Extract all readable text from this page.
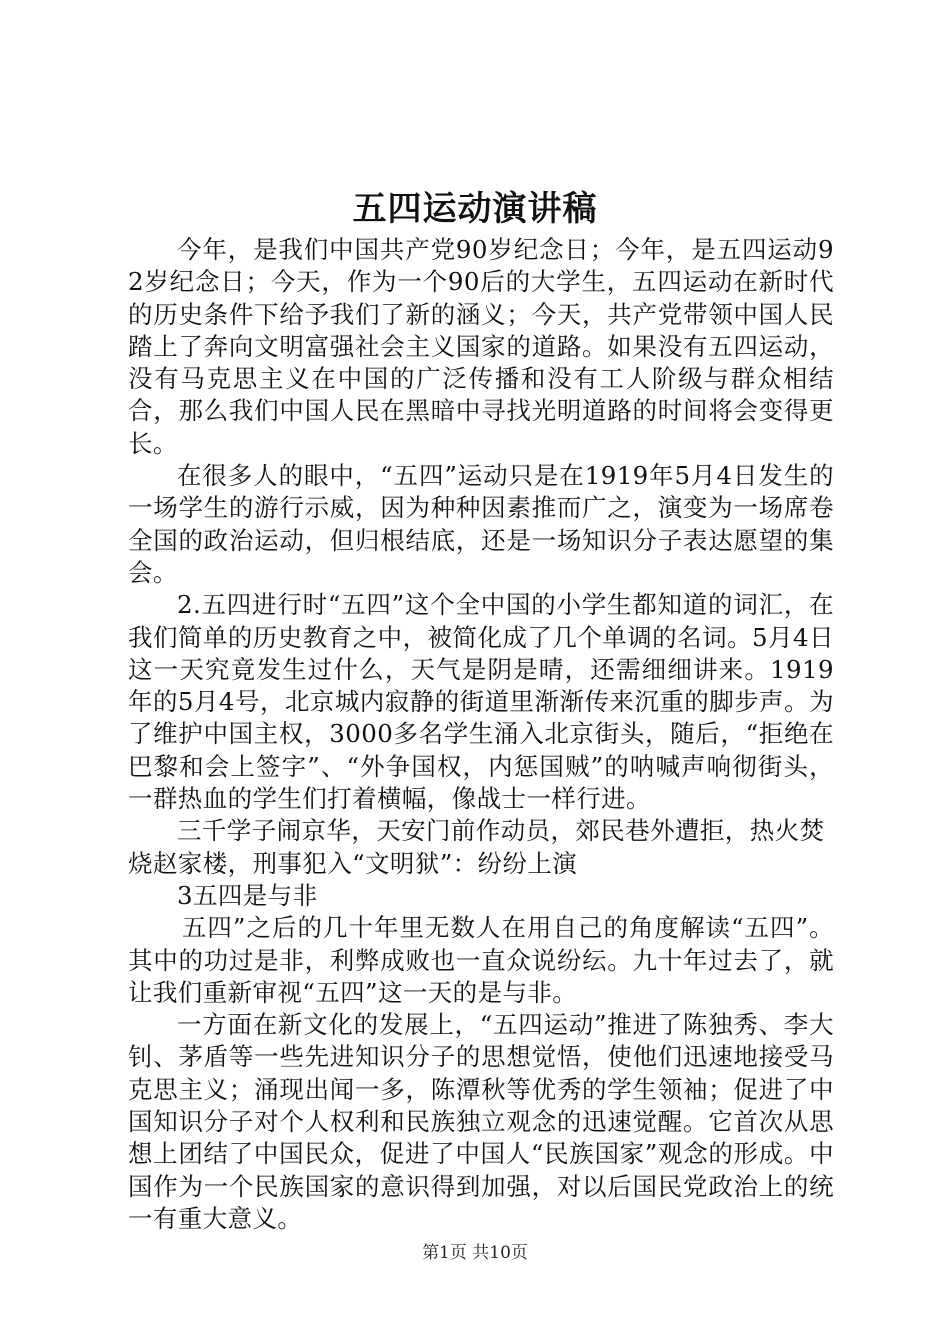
五四运动演讲稿

今年，是我们中国共产党90岁纪念日；今年，是五四运动92岁纪念日；今天，作为一个90后的大学生，五四运动在新时代的历史条件下给予我们了新的涵义；今天，共产党带领中国人民踏上了奔向文明富强社会主义国家的道路。如果没有五四运动，没有马克思主义在中国的广泛传播和没有工人阶级与群众相结合，那么我们中国人民在黑暗中寻找光明道路的时间将会变得更长。

在很多人的眼中，“五四”运动只是在1919年5月4日发生的一场学生的游行示威，因为种种因素推而广之，演变为一场席卷全国的政治运动，但归根结底，还是一场知识分子表达愿望的集会。

2.五四进行时“五四”这个全中国的小学生都知道的词汇，在我们简单的历史教育之中，被简化成了几个单调的名词。5月4日这一天究竟发生过什么，天气是阴是晴，还需细细讲来。1919年的5月4号，北京城内寂静的街道里渐渐传来沉重的脚步声。为了维护中国主权，3000多名学生涌入北京街头，随后，“拒绝在巴黎和会上签字”、“外争国权，内惩国贼”的呐喊声响彻街头，一群热血的学生们打着横幅，像战士一样行进。

三千学子闹京华，天安门前作动员，郊民巷外遭拒，热火焚烧赵家楼，刑事犯入“文明狱”：纷纷上演

3五四是与非

五四”之后的几十年里无数人在用自己的角度解读“五四”。其中的功过是非，利弊成败也一直众说纷纭。九十年过去了，就让我们重新审视“五四”这一天的是与非。

一方面在新文化的发展上，“五四运动”推进了陈独秀、李大钊、茅盾等一些先进知识分子的思想觉悟，使他们迅速地接受马克思主义；涌现出闻一多，陈潭秋等优秀的学生领袖；促进了中国知识分子对个人权利和民族独立观念的迅速觉醒。它首次从思想上团结了中国民众，促进了中国人“民族国家”观念的形成。中国作为一个民族国家的意识得到加强，对以后国民党政治上的统一有重大意义。

第1页 共10页
